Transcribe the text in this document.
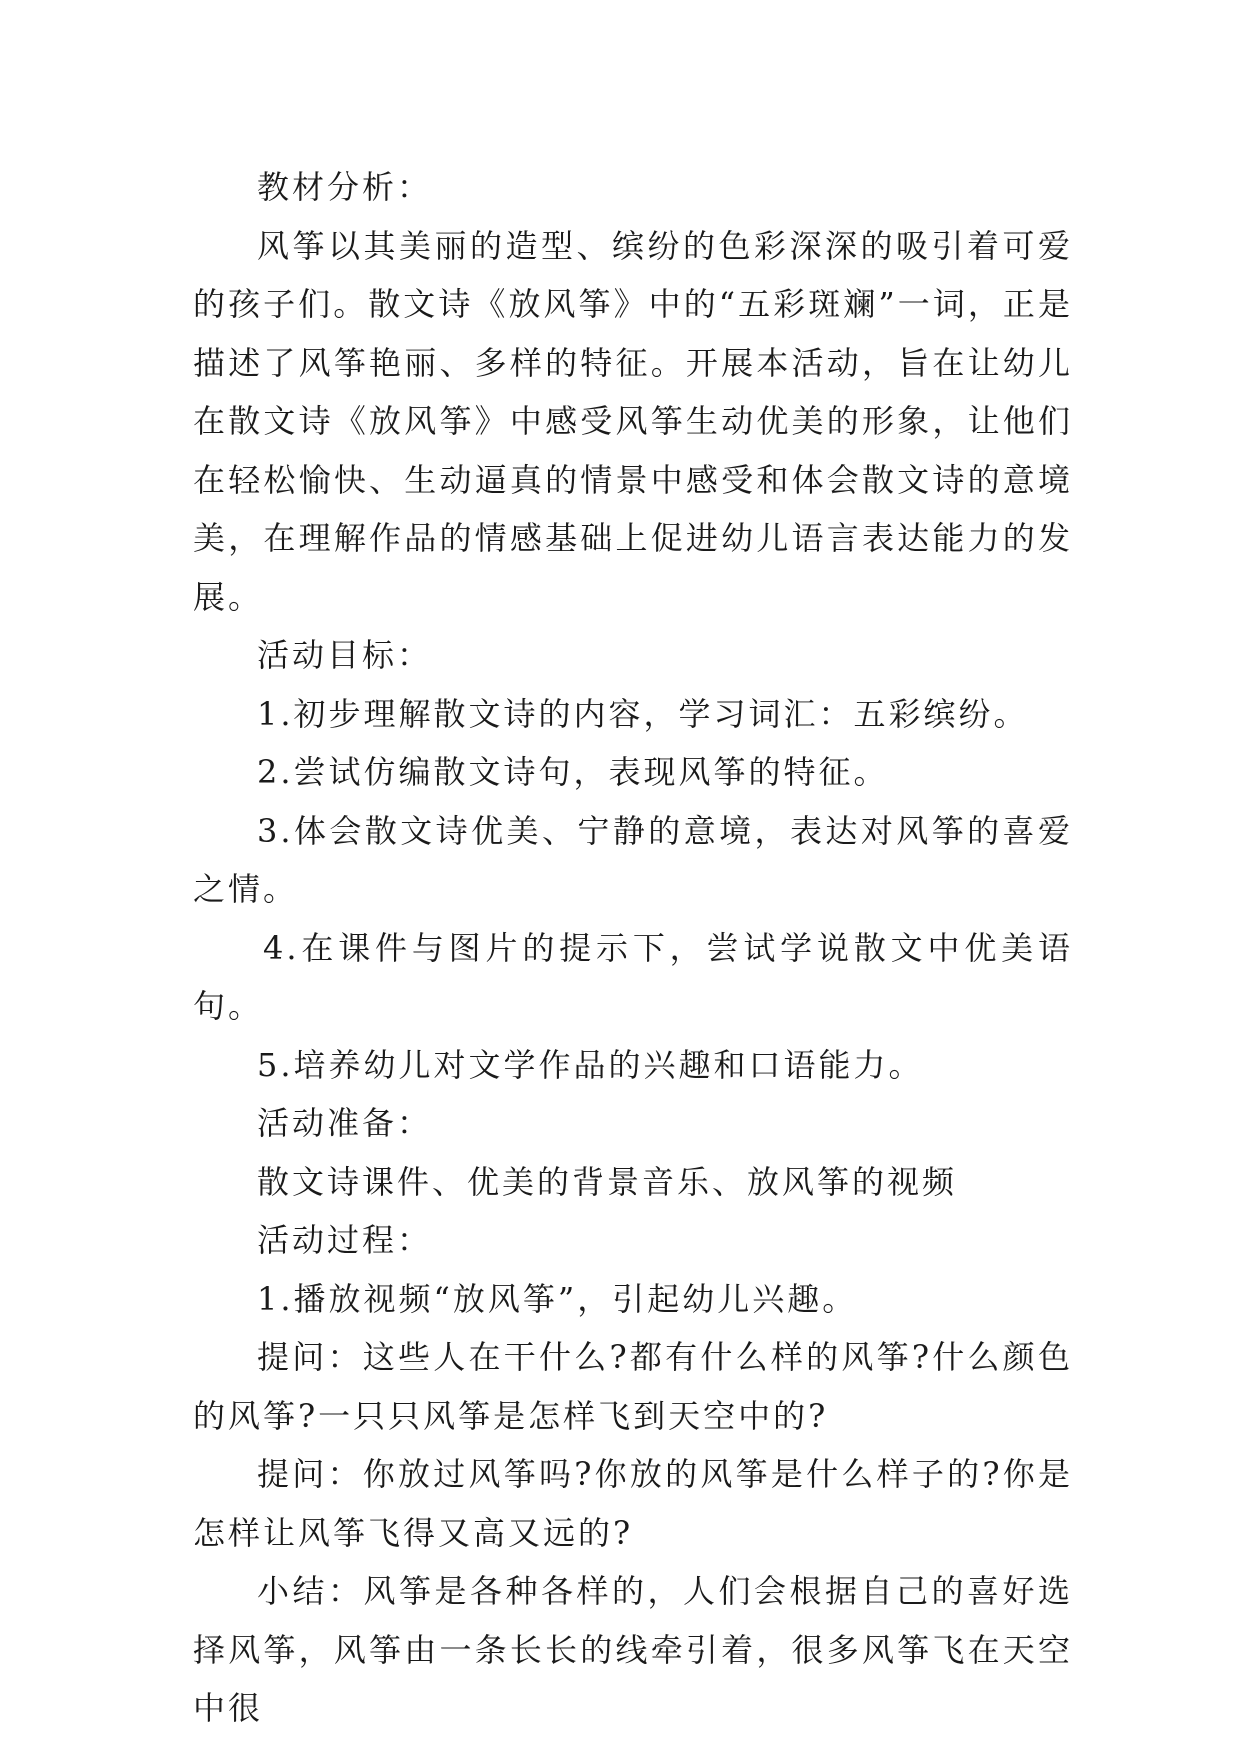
教材分析：

风筝以其美丽的造型、缤纷的色彩深深的吸引着可爱的孩子们。散文诗《放风筝》中的“五彩斑斓”一词，正是描述了风筝艳丽、多样的特征。开展本活动，旨在让幼儿在散文诗《放风筝》中感受风筝生动优美的形象，让他们在轻松愉快、生动逼真的情景中感受和体会散文诗的意境美，在理解作品的情感基础上促进幼儿语言表达能力的发展。

活动目标：

1.初步理解散文诗的内容，学习词汇：五彩缤纷。

2.尝试仿编散文诗句，表现风筝的特征。

3.体会散文诗优美、宁静的意境，表达对风筝的喜爱之情。

4.在课件与图片的提示下，尝试学说散文中优美语句。

5.培养幼儿对文学作品的兴趣和口语能力。

活动准备：

散文诗课件、优美的背景音乐、放风筝的视频

活动过程：

1.播放视频“放风筝”，引起幼儿兴趣。

提问：这些人在干什么?都有什么样的风筝?什么颜色的风筝?一只只风筝是怎样飞到天空中的?

提问：你放过风筝吗?你放的风筝是什么样子的?你是怎样让风筝飞得又高又远的?

小结：风筝是各种各样的，人们会根据自己的喜好选择风筝，风筝由一条长长的线牵引着，很多风筝飞在天空中很
